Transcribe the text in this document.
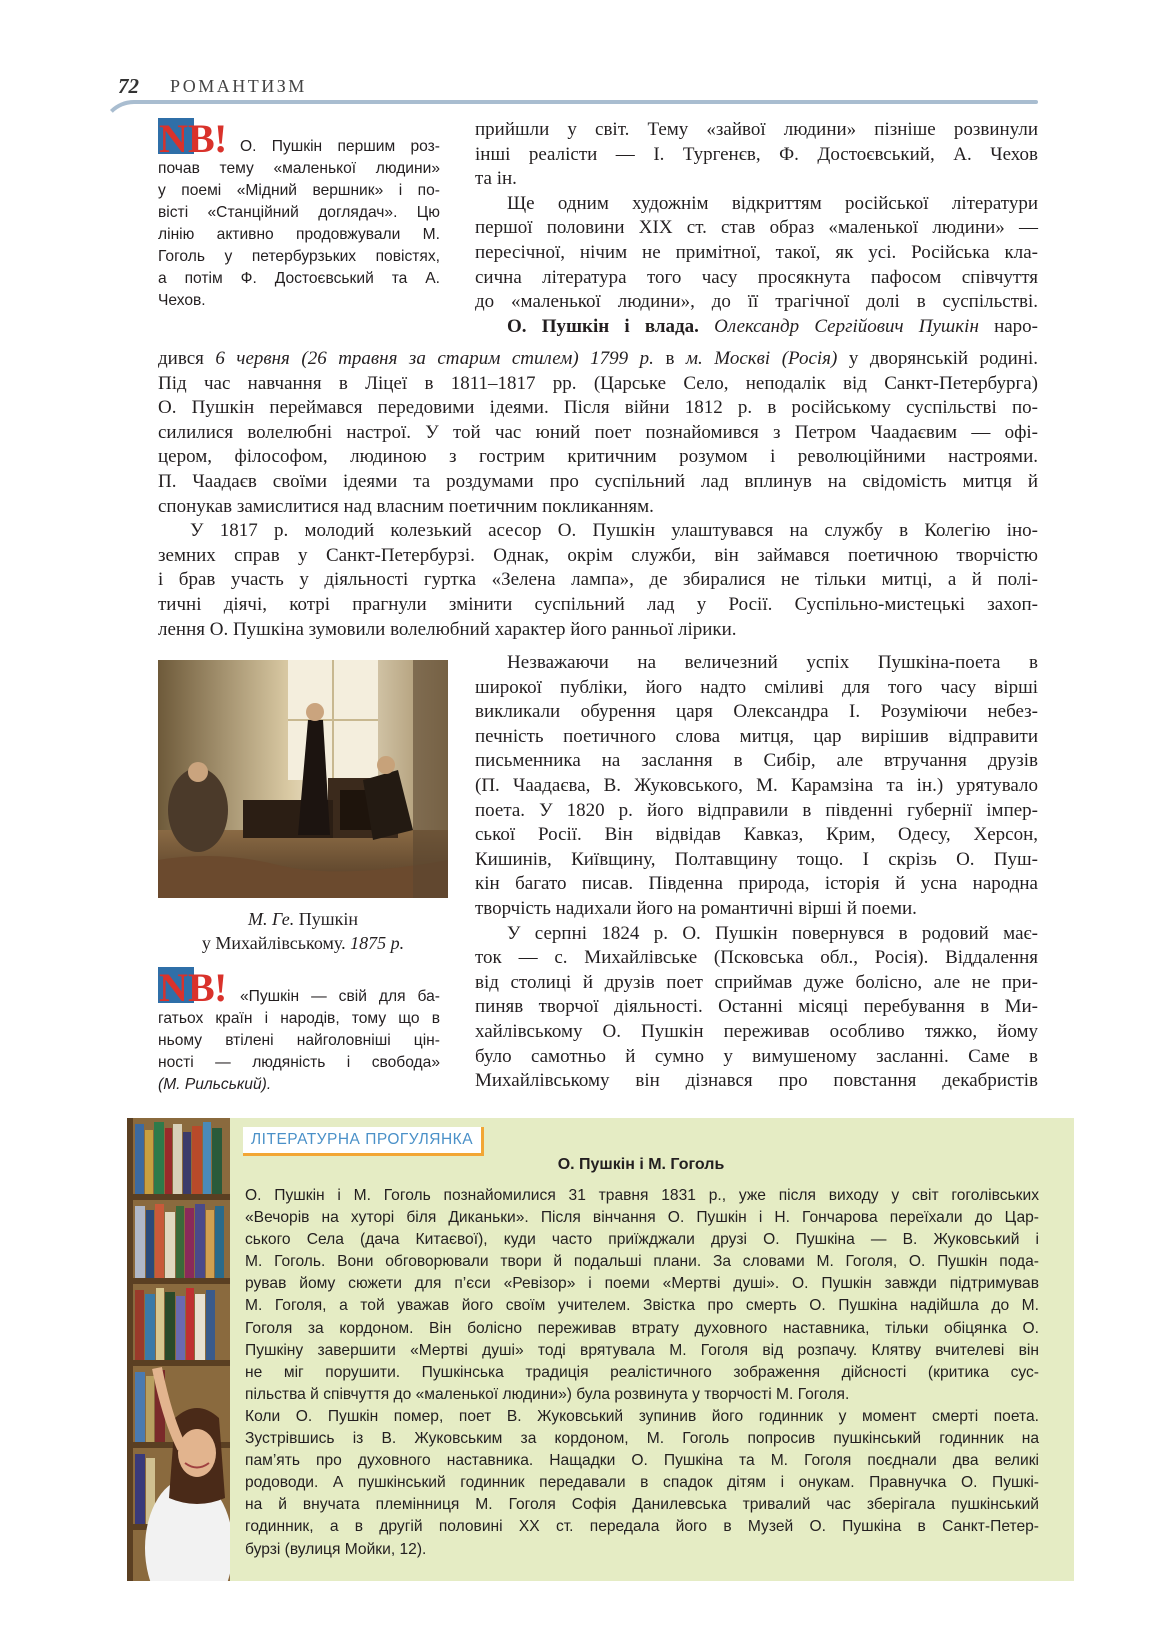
72 РОМАНТИЗМ
N B ! О. Пушкін першим роз-
почав тему «маленької людини»
у поемі «Мідний вершник» і по-
вісті «Станційний доглядач». Цю
лінію активно продовжували М.
Гоголь у петербурзьких повістях,
а потім Ф. Достоєвський та А.
Чехов.
прийшли у світ. Тему «зайвої людини» пізніше розвинули
інші реалісти — І. Тургенєв, Ф. Достоєвський, А. Чехов
та ін.
Ще одним художнім відкриттям російської літератури
першої половини ХІХ ст. став образ «маленької людини» —
пересічної, нічим не примітної, такої, як усі. Російська кла-
сична література того часу просякнута пафосом співчуття
до «маленької людини», до її трагічної долі в суспільстві.
О. Пушкін і влада. Олександр Сергійович Пушкін наро-
дився 6 червня (26 травня за старим стилем) 1799 р. в м. Москві (Росія) у дворянській родині.
Під час навчання в Ліцеї в 1811–1817 рр. (Царське Село, неподалік від Санкт-Петербурга)
О. Пушкін переймався передовими ідеями. Після війни 1812 р. в російському суспільстві по-
силилися волелюбні настрої. У той час юний поет познайомився з Петром Чаадаєвим — офі-
цером, філософом, людиною з гострим критичним розумом і революційними настроями.
П. Чаадаєв своїми ідеями та роздумами про суспільний лад вплинув на свідомість митця й
спонукав замислитися над власним поетичним покликанням.
У 1817 р. молодий колезький асесор О. Пушкін улаштувався на службу в Колегію іно-
земних справ у Санкт-Петербурзі. Однак, окрім служби, він займався поетичною творчістю
і брав участь у діяльності гуртка «Зелена лампа», де збиралися не тільки митці, а й полі-
тичні діячі, котрі прагнули змінити суспільний лад у Росії. Суспільно-мистецькі захоп-
лення О. Пушкіна зумовили волелюбний характер його ранньої лірики.
М. Ге. Пушкін
у Михайлівському. 1875 р.
Незважаючи на величезний успіх Пушкіна-поета в
широкої публіки, його надто сміливі для того часу вірші
викликали обурення царя Олександра І. Розуміючи небез-
печність поетичного слова митця, цар вирішив відправити
письменника на заслання в Сибір, але втручання друзів
(П. Чаадаєва, В. Жуковського, М. Карамзіна та ін.) урятувало
поета. У 1820 р. його відправили в південні губернії імпер-
ської Росії. Він відвідав Кавказ, Крим, Одесу, Херсон,
Кишинів, Київщину, Полтавщину тощо. І скрізь О. Пуш-
кін багато писав. Південна природа, історія й усна народна
творчість надихали його на романтичні вірші й поеми.
У серпні 1824 р. О. Пушкін повернувся в родовий має-
ток — с. Михайлівське (Псковська обл., Росія). Віддалення
від столиці й друзів поет сприймав дуже болісно, але не при-
пиняв творчої діяльності. Останні місяці перебування в Ми-
хайлівському О. Пушкін переживав особливо тяжко, йому
було самотньо й сумно у вимушеному засланні. Саме в
Михайлівському він дізнався про повстання декабристів
N B ! «Пушкін — свій для ба-
гатьох країн і народів, тому що в
ньому втілені найголовніші цін-
ності — людяність і свобода»
(М. Рильський).
ЛІТЕРАТУРНА ПРОГУЛЯНКА
О. Пушкін і М. Гоголь
О. Пушкін і М. Гоголь познайомилися 31 травня 1831 р., уже після виходу у світ гоголівських
«Вечорів на хуторі біля Диканьки». Після вінчання О. Пушкін і Н. Гончарова переїхали до Цар-
ського Села (дача Китаєвої), куди часто приїжджали друзі О. Пушкіна — В. Жуковський і
М. Гоголь. Вони обговорювали твори й подальші плани. За словами М. Гоголя, О. Пушкін пода-
рував йому сюжети для п’єси «Ревізор» і поеми «Мертві душі». О. Пушкін завжди підтримував
М. Гоголя, а той уважав його своїм учителем. Звістка про смерть О. Пушкіна надійшла до М.
Гоголя за кордоном. Він болісно переживав втрату духовного наставника, тільки обіцянка О.
Пушкіну завершити «Мертві душі» тоді врятувала М. Гоголя від розпачу. Клятву вчителеві він
не міг порушити. Пушкінська традиція реалістичного зображення дійсності (критика сус-
пільства й співчуття до «маленької людини») була розвинута у творчості М. Гоголя.
Коли О. Пушкін помер, поет В. Жуковський зупинив його годинник у момент смерті поета.
Зустрівшись із В. Жуковським за кордоном, М. Гоголь попросив пушкінський годинник на
пам’ять про духовного наставника. Нащадки О. Пушкіна та М. Гоголя поєднали два великі
родоводи. А пушкінський годинник передавали в спадок дітям і онукам. Правнучка О. Пушкі-
на й внучата племінниця М. Гоголя Софія Данилевська тривалий час зберігала пушкінський
годинник, а в другій половині ХХ ст. передала його в Музей О. Пушкіна в Санкт-Петер-
бурзі (вулиця Мойки, 12).
